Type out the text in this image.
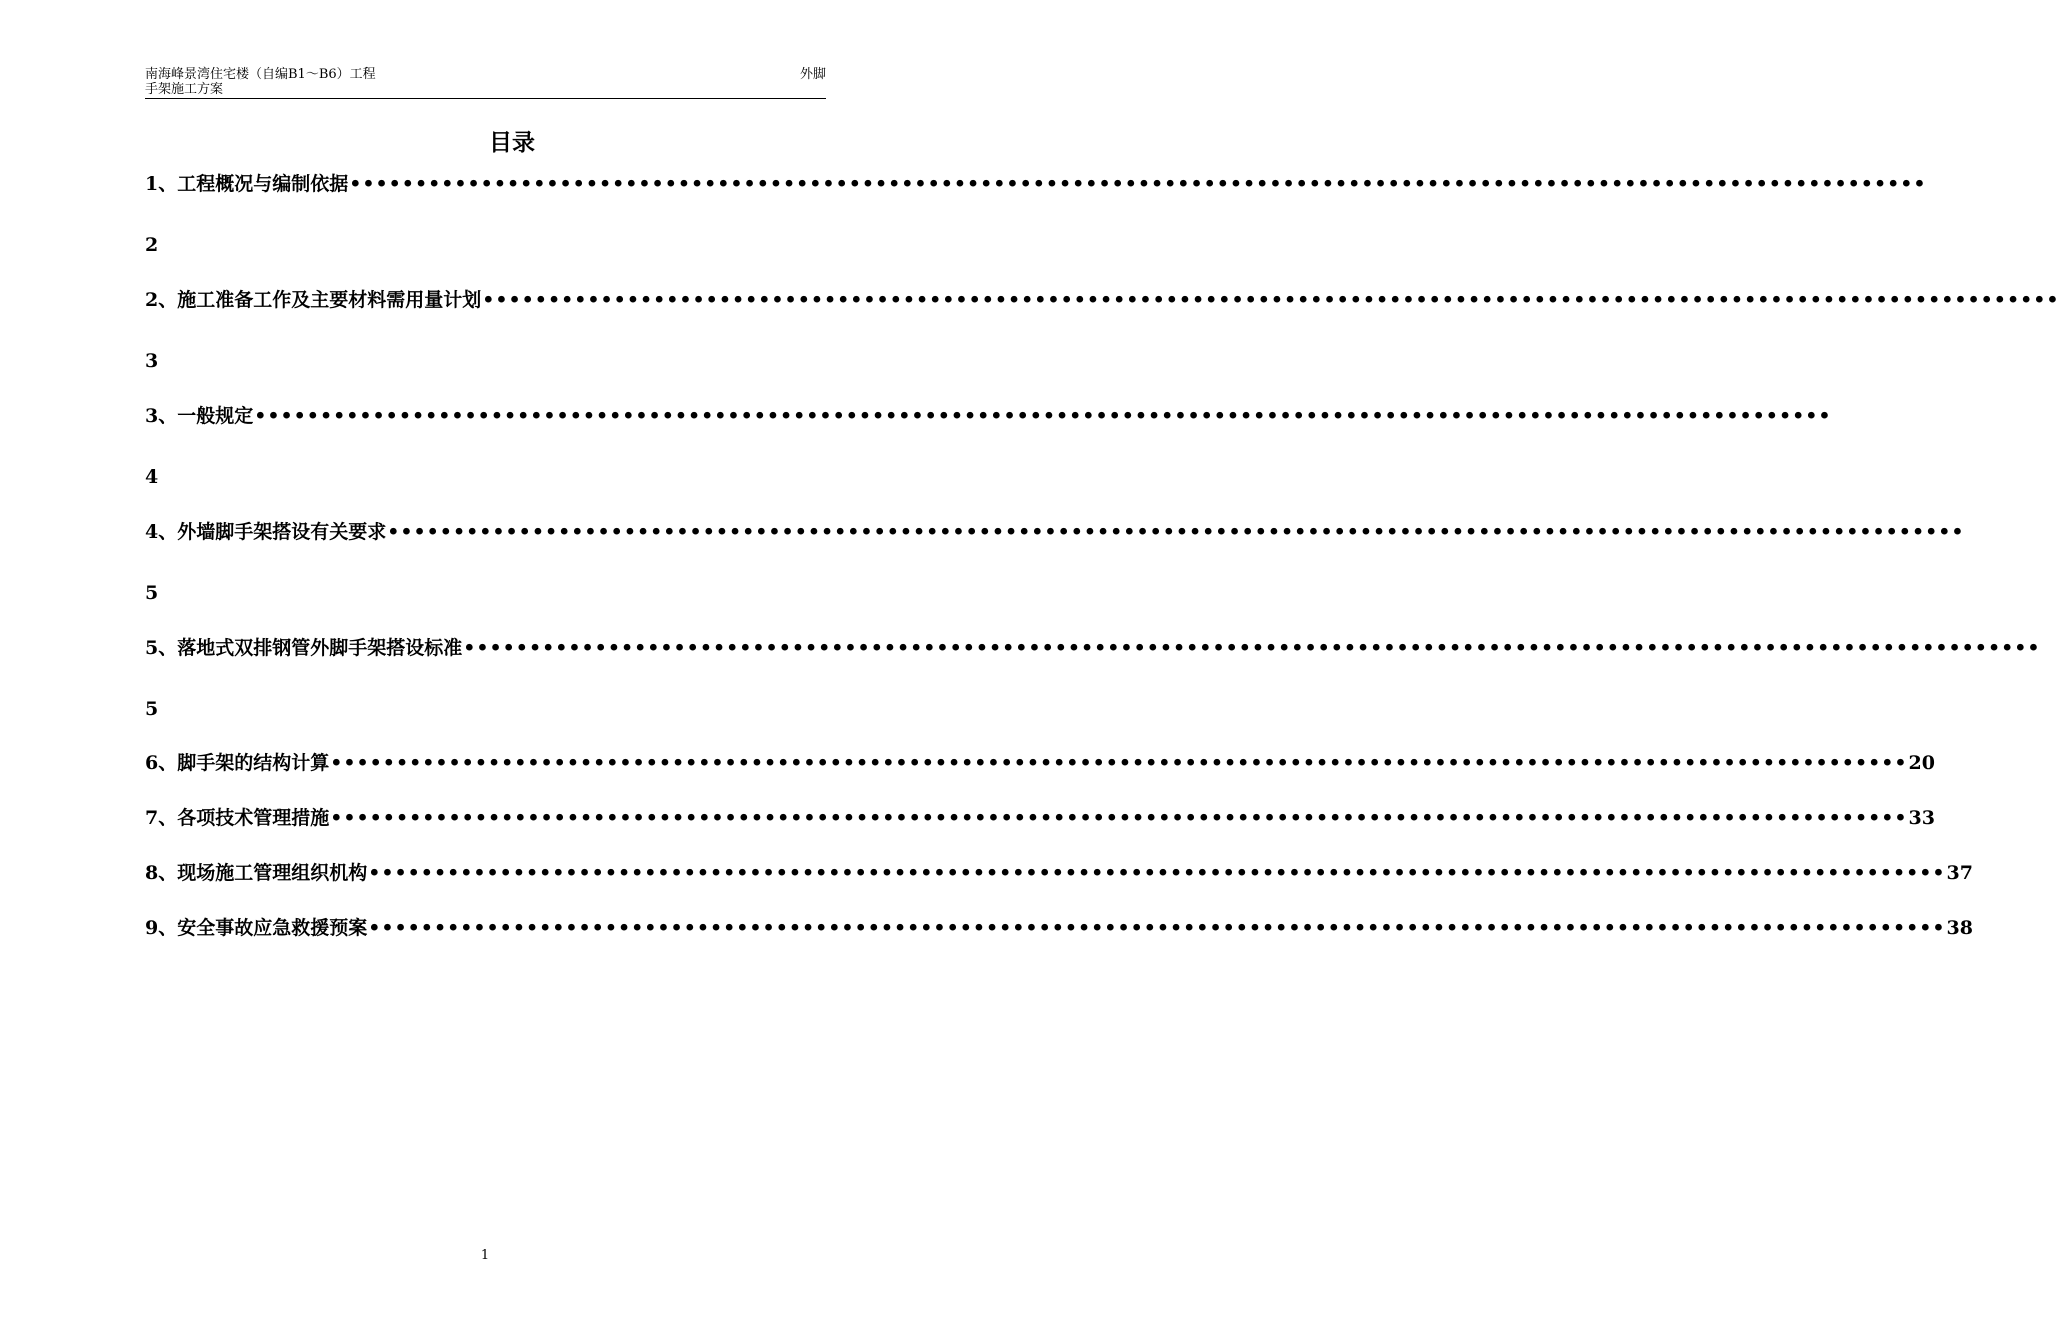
南海峰景湾住宅楼（自编B1～B6）工程
手架施工方案
外脚
目录
1、工程概况与编制依据 ••••••••••••••••••••••••••••••••••••••••••••••••••••••••••••••••••••••••••••••••••••••••••••••••••••••••••••••••••••••••
2
2、施工准备工作及主要材料需用量计划 ••••••••••••••••••••••••••••••••••••••••••••••••••••••••••••••••••••••••••••••••••••••••••••••••••••••••••••••••••••••••
3
3、一般规定 ••••••••••••••••••••••••••••••••••••••••••••••••••••••••••••••••••••••••••••••••••••••••••••••••••••••••••••••••••••••••
4
4、外墙脚手架搭设有关要求 ••••••••••••••••••••••••••••••••••••••••••••••••••••••••••••••••••••••••••••••••••••••••••••••••••••••••••••••••••••••••
5
5、落地式双排钢管外脚手架搭设标准 ••••••••••••••••••••••••••••••••••••••••••••••••••••••••••••••••••••••••••••••••••••••••••••••••••••••••••••••••••••••••
5
6、脚手架的结构计算 •••••••••••••••••••••••••••••••••••••••••••••••••••••••••••••••••••••••••••••••••••••••••••••••••••••••••••••••••••••••• 20
7、各项技术管理措施 •••••••••••••••••••••••••••••••••••••••••••••••••••••••••••••••••••••••••••••••••••••••••••••••••••••••••••••••••••••••• 33
8、现场施工管理组织机构 •••••••••••••••••••••••••••••••••••••••••••••••••••••••••••••••••••••••••••••••••••••••••••••••••••••••••••••••••••••••• 37
9、安全事故应急救援预案 •••••••••••••••••••••••••••••••••••••••••••••••••••••••••••••••••••••••••••••••••••••••••••••••••••••••••••••••••••••••• 38
1
